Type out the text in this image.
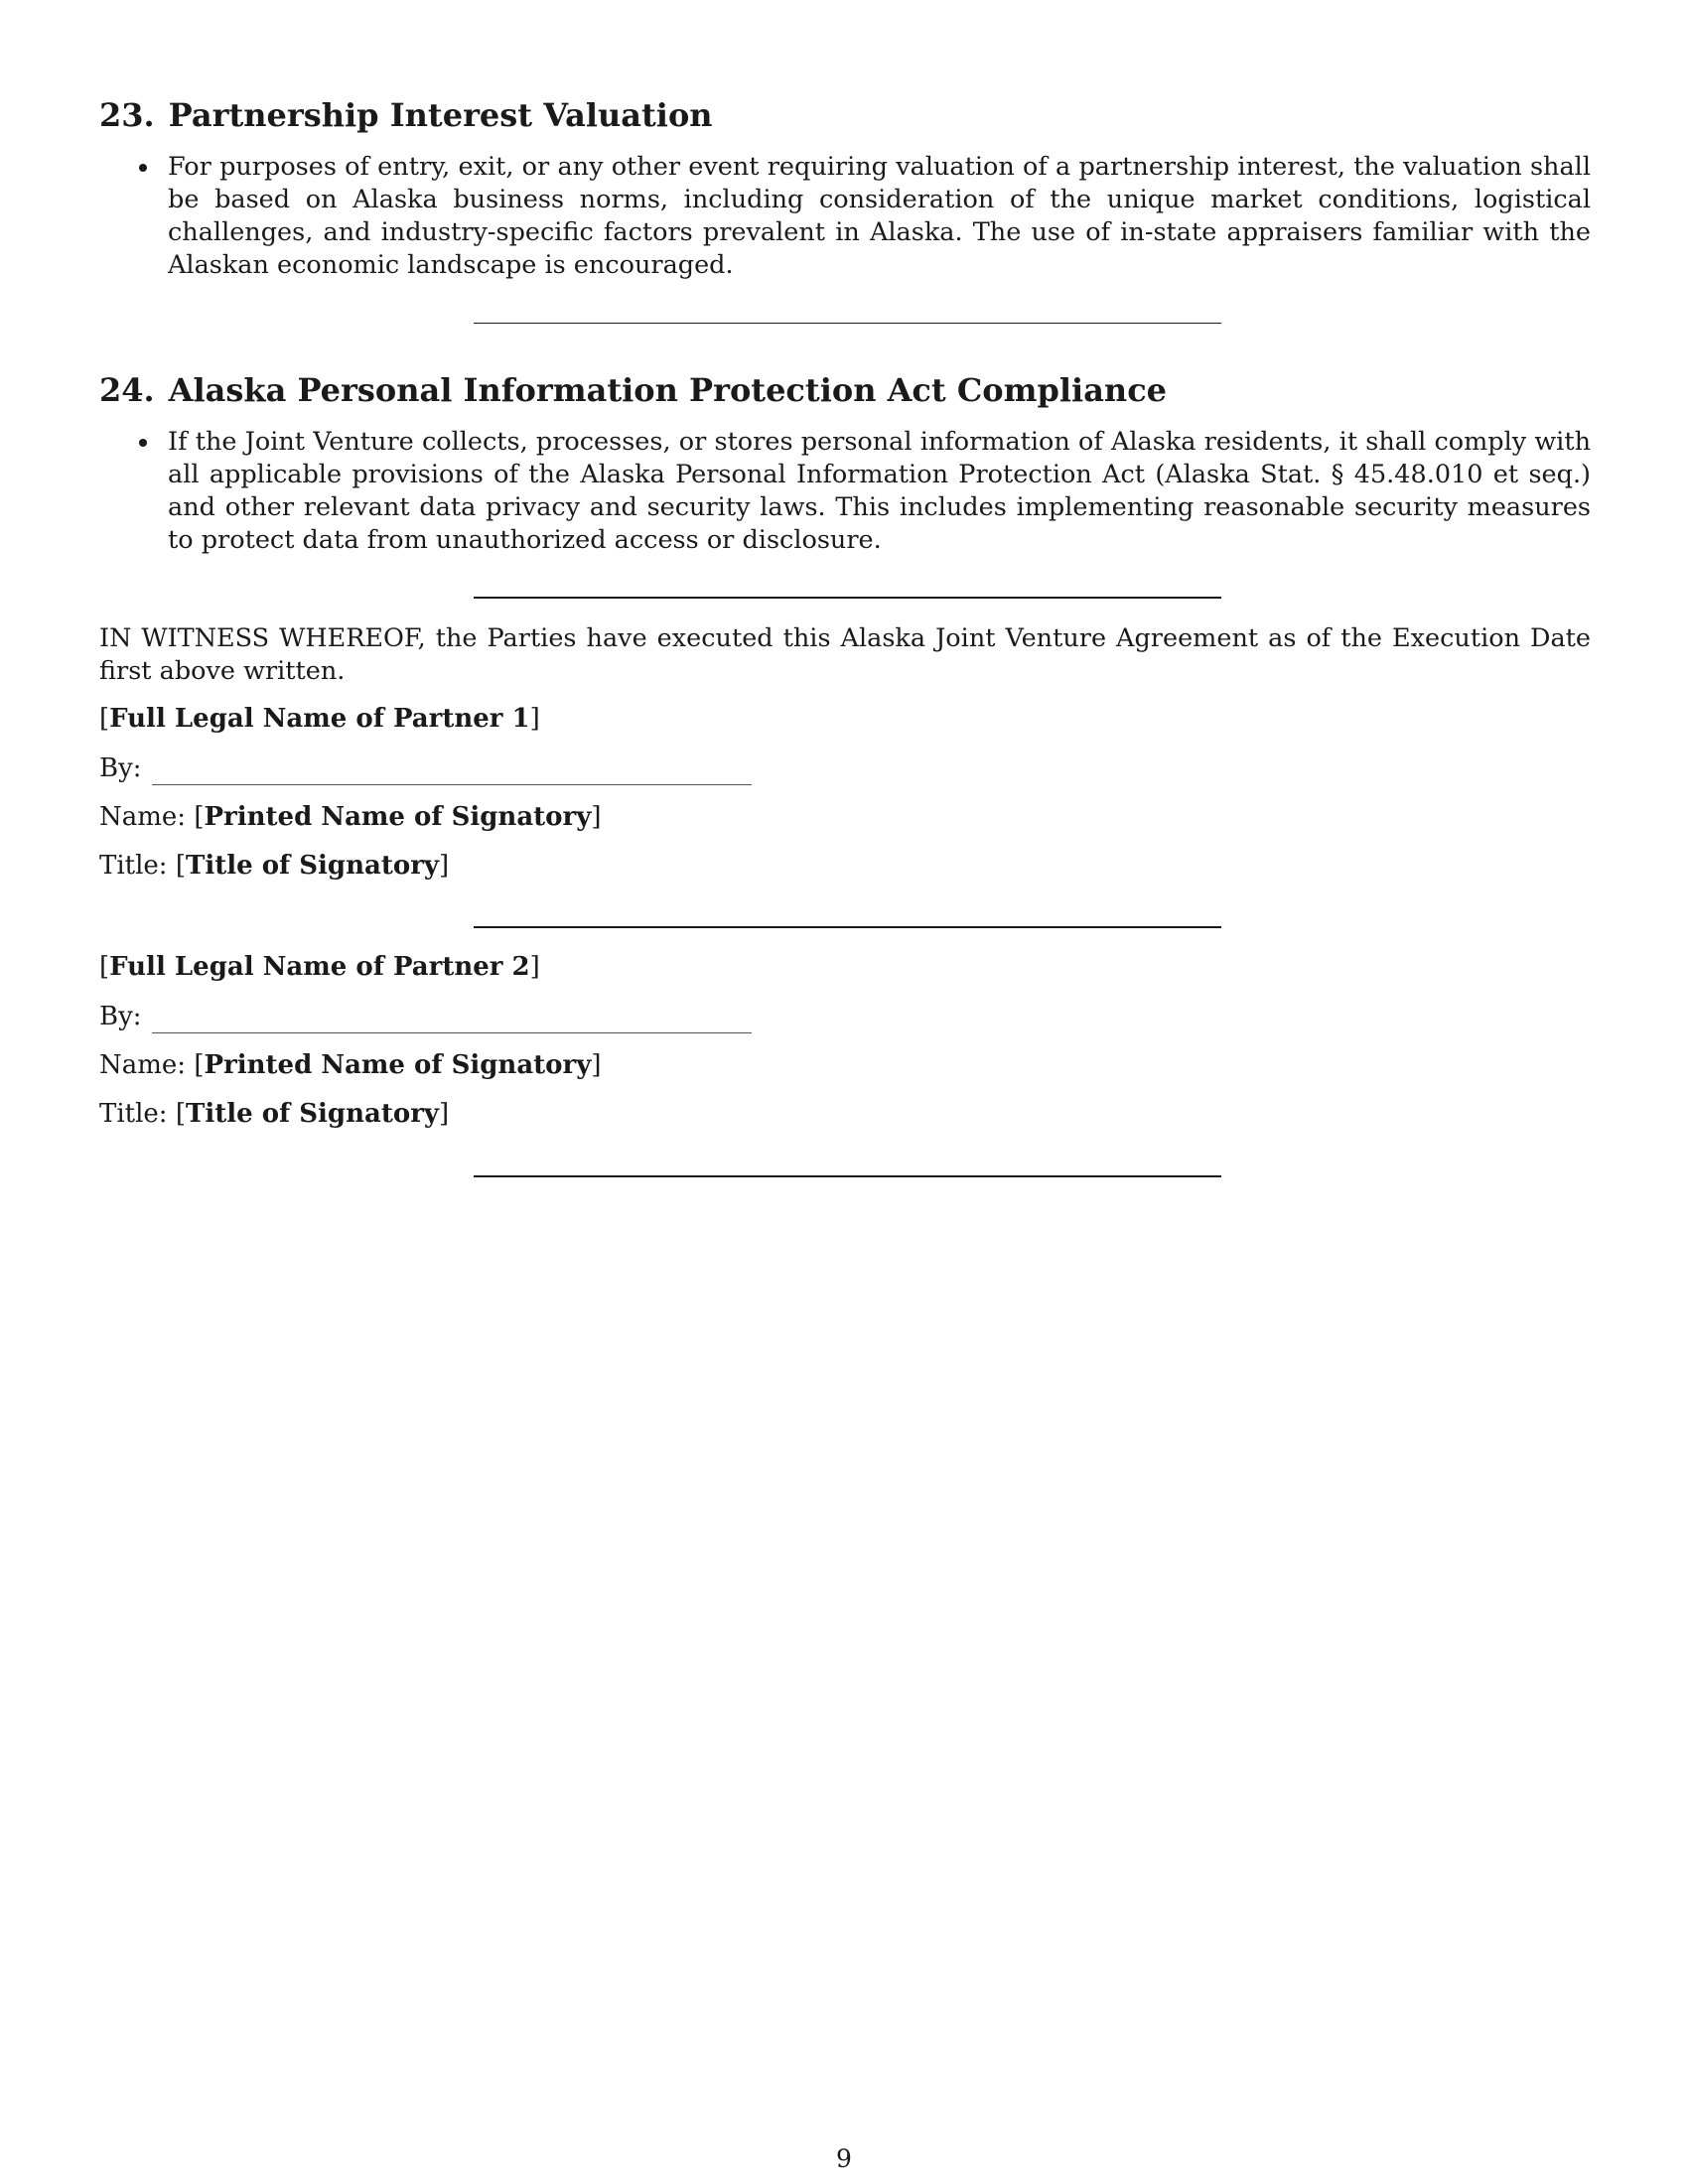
23. Partnership Interest Valuation

For purposes of entry, exit, or any other event requiring valuation of a partnership interest, the valuation shall be based on Alaska business norms, including consideration of the unique market conditions, logistical challenges, and industry-specific factors prevalent in Alaska. The use of in-state appraisers familiar with the Alaskan economic landscape is encouraged.

24. Alaska Personal Information Protection Act Compliance

If the Joint Venture collects, processes, or stores personal information of Alaska residents, it shall comply with all applicable provisions of the Alaska Personal Information Protection Act (Alaska Stat. § 45.48.010 et seq.) and other relevant data privacy and security laws. This includes implementing reasonable security measures to protect data from unauthorized access or disclosure.

IN WITNESS WHEREOF, the Parties have executed this Alaska Joint Venture Agreement as of the Execution Date first above written.

[Full Legal Name of Partner 1]
By:
Name: [Printed Name of Signatory]
Title: [Title of Signatory]
[Full Legal Name of Partner 2]
By:
Name: [Printed Name of Signatory]
Title: [Title of Signatory]
9
